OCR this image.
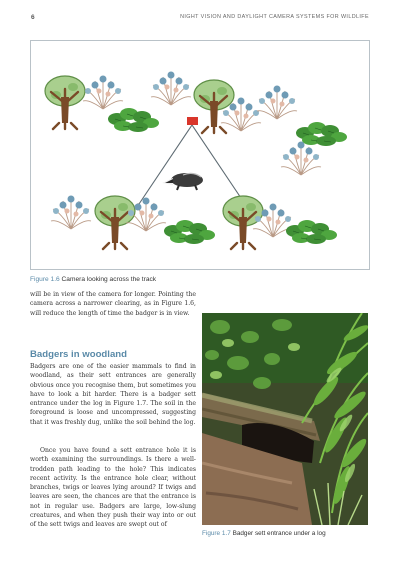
6	NIGHT VISION AND DAYLIGHT CAMERA SYSTEMS FOR WILDLIFE
Figure 1.6 Camera looking across the track
will be in view of the camera for longer. Pointing the camera across a narrower clearing, as in Figure 1.6, will reduce the length of time the badger is in view.
Badgers in woodland
Badgers are one of the easier mammals to find in woodland, as their sett entrances are generally obvious once you recognise them, but sometimes you have to look a bit harder. There is a badger sett entrance under the log in Figure 1.7. The soil in the foreground is loose and uncompressed, suggesting that it was freshly dug, unlike the soil behind the log.
Once you have found a sett entrance hole it is worth examining the surroundings. Is there a well-trodden path leading to the hole? This indicates recent activity. Is the entrance hole clear, without branches, twigs or leaves lying around? If twigs and leaves are seen, the chances are that the entrance is not in regular use. Badgers are large, low-slung creatures, and when they push their way into or out of the sett twigs and leaves are swept out of
Figure 1.7 Badger sett entrance under a log
